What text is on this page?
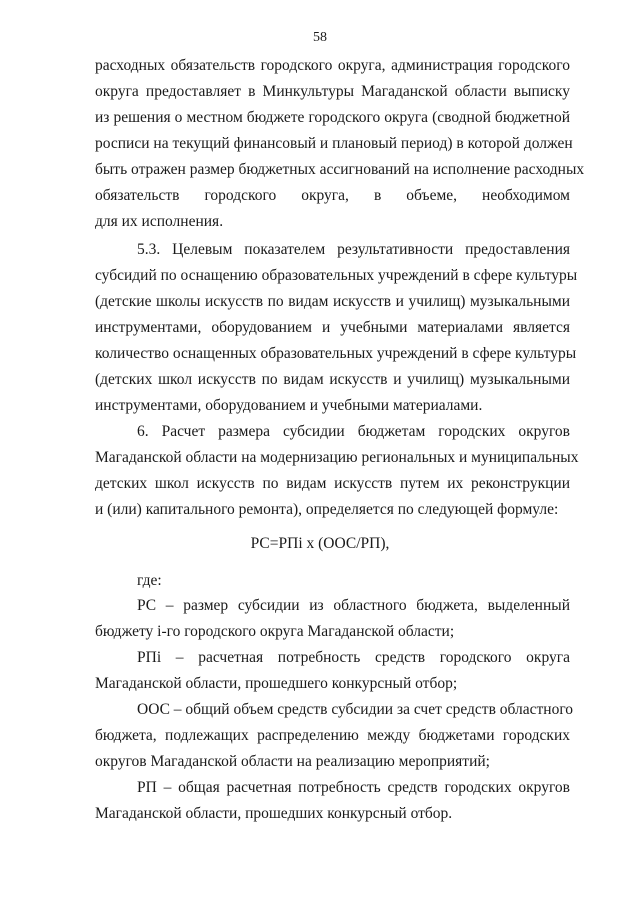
58
расходных обязательств городского округа, администрация городского
округа предоставляет в Минкультуры Магаданской области выписку
из решения о местном бюджете городского округа (сводной бюджетной
росписи на текущий финансовый и плановый период) в которой должен
быть отражен размер бюджетных ассигнований на исполнение расходных
обязательств городского округа, в объеме, необходимом
для их исполнения.
5.3. Целевым показателем результативности предоставления
субсидий по оснащению образовательных учреждений в сфере культуры
(детские школы искусств по видам искусств и училищ) музыкальными
инструментами, оборудованием и учебными материалами является
количество оснащенных образовательных учреждений в сфере культуры
(детских школ искусств по видам искусств и училищ) музыкальными
инструментами, оборудованием и учебными материалами.
6. Расчет размера субсидии бюджетам городских округов
Магаданской области на модернизацию региональных и муниципальных
детских школ искусств по видам искусств путем их реконструкции
и (или) капитального ремонта), определяется по следующей формуле:
РС=РПi x (ООС/РП),
где:
РС – размер субсидии из областного бюджета, выделенный
бюджету i-го городского округа Магаданской области;
РПi – расчетная потребность средств городского округа
Магаданской области, прошедшего конкурсный отбор;
ООС – общий объем средств субсидии за счет средств областного
бюджета, подлежащих распределению между бюджетами городских
округов Магаданской области на реализацию мероприятий;
РП – общая расчетная потребность средств городских округов
Магаданской области, прошедших конкурсный отбор.
